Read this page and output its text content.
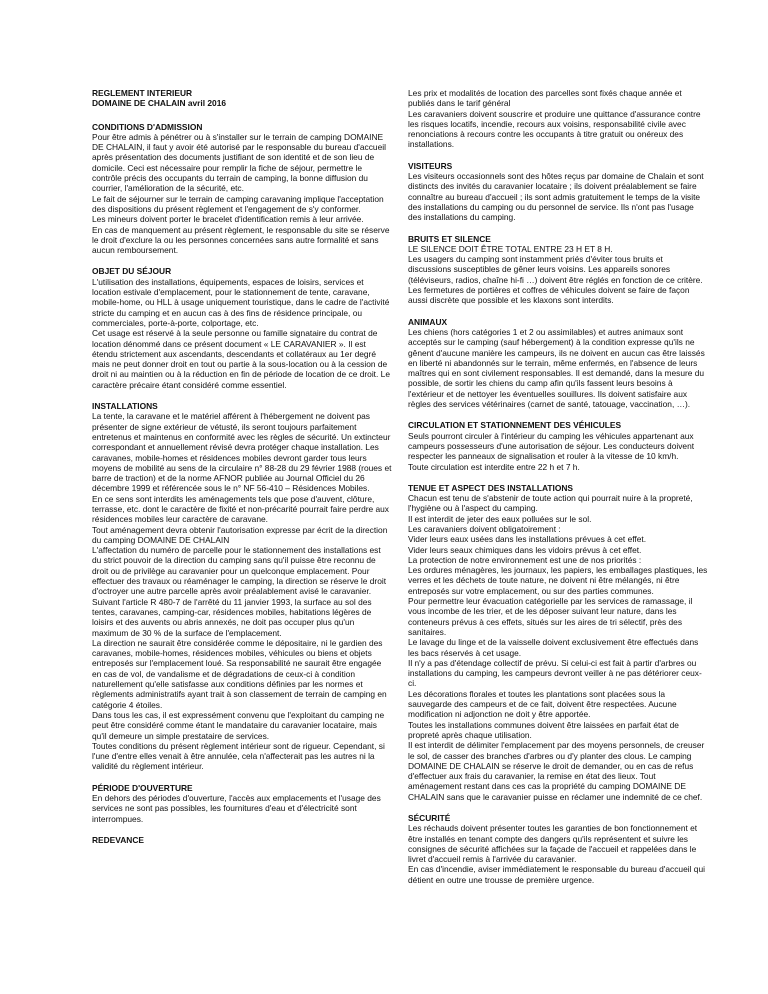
REGLEMENT INTERIEUR
DOMAINE DE CHALAIN avril 2016
CONDITIONS D'ADMISSION

Pour être admis à pénétrer ou à s'installer sur le terrain de camping DOMAINE DE CHALAIN, il faut y avoir été autorisé par le responsable du bureau d'accueil après présentation des documents justifiant de son identité et de son lieu de domicile. Ceci est nécessaire pour remplir la fiche de séjour, permettre le contrôle précis des occupants du terrain de camping, la bonne diffusion du courrier, l'amélioration de la sécurité, etc.

Le fait de séjourner sur le terrain de camping caravaning implique l'acceptation des dispositions du présent règlement et l'engagement de s'y conformer.

Les mineurs doivent porter le bracelet d'identification remis à leur arrivée.

En cas de manquement au présent règlement, le responsable du site se réserve le droit d'exclure la ou les personnes concernées sans autre formalité et sans aucun remboursement.

OBJET DU SÉJOUR

L'utilisation des installations, équipements, espaces de loisirs, services et location estivale d'emplacement, pour le stationnement de tente, caravane, mobile-home, ou HLL à usage uniquement touristique, dans le cadre de l'activité stricte du camping et en aucun cas à des fins de résidence principale, ou commerciales, porte-à-porte, colportage, etc.

Cet usage est réservé à la seule personne ou famille signataire du contrat de location dénommé dans ce présent document « LE CARAVANIER ». Il est étendu strictement aux ascendants, descendants et collatéraux au 1er degré mais ne peut donner droit en tout ou partie à la sous-location ou à la cession de droit ni au maintien ou à la réduction en fin de période de location de ce droit. Le caractère précaire étant considéré comme essentiel.

INSTALLATIONS

La tente, la caravane et le matériel afférent à l'hébergement ne doivent pas présenter de signe extérieur de vétusté, ils seront toujours parfaitement entretenus et maintenus en conformité avec les règles de sécurité. Un extincteur correspondant et annuellement révisé devra protéger chaque installation. Les caravanes, mobile-homes et résidences mobiles devront garder tous leurs moyens de mobilité au sens de la circulaire n° 88-28 du 29 février 1988 (roues et barre de traction) et de la norme AFNOR publiée au Journal Officiel du 26 décembre 1999 et référencée sous le n° NF 56-410 – Résidences Mobiles.

En ce sens sont interdits les aménagements tels que pose d'auvent, clôture, terrasse, etc. dont le caractère de fixité et non-précarité pourrait faire perdre aux résidences mobiles leur caractère de caravane.

Tout aménagement devra obtenir l'autorisation expresse par écrit de la direction du camping DOMAINE DE CHALAIN

L'affectation du numéro de parcelle pour le stationnement des installations est du strict pouvoir de la direction du camping sans qu'il puisse être reconnu de droit ou de privilège au caravanier pour un quelconque emplacement. Pour effectuer des travaux ou réaménager le camping, la direction se réserve le droit d'octroyer une autre parcelle après avoir préalablement avisé le caravanier.

Suivant l'article R 480-7 de l'arrêté du 11 janvier 1993, la surface au sol des tentes, caravanes, camping-car, résidences mobiles, habitations légères de loisirs et des auvents ou abris annexés, ne doit pas occuper plus qu'un maximum de 30 % de la surface de l'emplacement.

La direction ne saurait être considérée comme le dépositaire, ni le gardien des caravanes, mobile-homes, résidences mobiles, véhicules ou biens et objets entreposés sur l'emplacement loué. Sa responsabilité ne saurait être engagée en cas de vol, de vandalisme et de dégradations de ceux-ci à condition naturellement qu'elle satisfasse aux conditions définies par les normes et règlements administratifs ayant trait à son classement de terrain de camping en catégorie 4 étoiles.

Dans tous les cas, il est expressément convenu que l'exploitant du camping ne peut être considéré comme étant le mandataire du caravanier locataire, mais qu'il demeure un simple prestataire de services.

Toutes conditions du présent règlement intérieur sont de rigueur. Cependant, si l'une d'entre elles venait à être annulée, cela n'affecterait pas les autres ni la validité du règlement intérieur.

PÉRIODE D'OUVERTURE

En dehors des périodes d'ouverture, l'accès aux emplacements et l'usage des services ne sont pas possibles, les fournitures d'eau et d'électricité sont interrompues.

REDEVANCE

Les prix et modalités de location des parcelles sont fixés chaque année et publiés dans le tarif général

Les caravaniers doivent souscrire et produire une quittance d'assurance contre les risques locatifs, incendie, recours aux voisins, responsabilité civile avec renonciations à recours contre les occupants à titre gratuit ou onéreux des installations.

VISITEURS

Les visiteurs occasionnels sont des hôtes reçus par domaine de Chalain et sont distincts des invités du caravanier locataire ; ils doivent préalablement se faire connaître au bureau d'accueil ; ils sont admis gratuitement le temps de la visite des installations du camping ou du personnel de service. Ils n'ont pas l'usage des installations du camping.

BRUITS ET SILENCE

LE SILENCE DOIT ÊTRE TOTAL ENTRE 23 H ET 8 H.

Les usagers du camping sont instamment priés d'éviter tous bruits et discussions susceptibles de gêner leurs voisins. Les appareils sonores (téléviseurs, radios, chaîne hi-fi …) doivent être réglés en fonction de ce critère. Les fermetures de portières et coffres de véhicules doivent se faire de façon aussi discrète que possible et les klaxons sont interdits.

ANIMAUX

Les chiens (hors catégories 1 et 2 ou assimilables) et autres animaux sont acceptés sur le camping (sauf hébergement) à la condition expresse qu'ils ne gênent d'aucune manière les campeurs, ils ne doivent en aucun cas être laissés en liberté ni abandonnés sur le terrain, même enfermés, en l'absence de leurs maîtres qui en sont civilement responsables. Il est demandé, dans la mesure du possible, de sortir les chiens du camp afin qu'ils fassent leurs besoins à l'extérieur et de nettoyer les éventuelles souillures. Ils doivent satisfaire aux règles des services vétérinaires (carnet de santé, tatouage, vaccination, …).

CIRCULATION ET STATIONNEMENT DES VÉHICULES

Seuls pourront circuler à l'intérieur du camping les véhicules appartenant aux campeurs possesseurs d'une autorisation de séjour. Les conducteurs doivent respecter les panneaux de signalisation et rouler à la vitesse de 10 km/h.

Toute circulation est interdite entre 22 h et 7 h.

TENUE ET ASPECT DES INSTALLATIONS

Chacun est tenu de s'abstenir de toute action qui pourrait nuire à la propreté, l'hygiène ou à l'aspect du camping.

Il est interdit de jeter des eaux polluées sur le sol.

Les caravaniers doivent obligatoirement :

Vider leurs eaux usées dans les installations prévues à cet effet.

Vider leurs seaux chimiques dans les vidoirs prévus à cet effet.

La protection de notre environnement est une de nos priorités :

Les ordures ménagères, les journaux, les papiers, les emballages plastiques, les verres et les déchets de toute nature, ne doivent ni être mélangés, ni être entreposés sur votre emplacement, ou sur des parties communes.

Pour permettre leur évacuation catégorielle par les services de ramassage, il vous incombe de les trier, et de les déposer suivant leur nature, dans les conteneurs prévus à ces effets, situés sur les aires de tri sélectif, près des sanitaires.

Le lavage du linge et de la vaisselle doivent exclusivement être effectués dans les bacs réservés à cet usage.

Il n'y a pas d'étendage collectif de prévu. Si celui-ci est fait à partir d'arbres ou installations du camping, les campeurs devront veiller à ne pas détériorer ceux-ci.

Les décorations florales et toutes les plantations sont placées sous la sauvegarde des campeurs et de ce fait, doivent être respectées. Aucune modification ni adjonction ne doit y être apportée.

Toutes les installations communes doivent être laissées en parfait état de propreté après chaque utilisation.

Il est interdit de délimiter l'emplacement par des moyens personnels, de creuser le sol, de casser des branches d'arbres ou d'y planter des clous. Le camping DOMAINE DE CHALAIN se réserve le droit de demander, ou en cas de refus d'effectuer aux frais du caravanier, la remise en état des lieux. Tout aménagement restant dans ces cas la propriété du camping DOMAINE DE CHALAIN sans que le caravanier puisse en réclamer une indemnité de ce chef.

SÉCURITÉ

Les réchauds doivent présenter toutes les garanties de bon fonctionnement et être installés en tenant compte des dangers qu'ils représentent et suivre les consignes de sécurité affichées sur la façade de l'accueil et rappelées dans le livret d'accueil remis à l'arrivée du caravanier.

En cas d'incendie, aviser immédiatement le responsable du bureau d'accueil qui détient en outre une trousse de première urgence.
